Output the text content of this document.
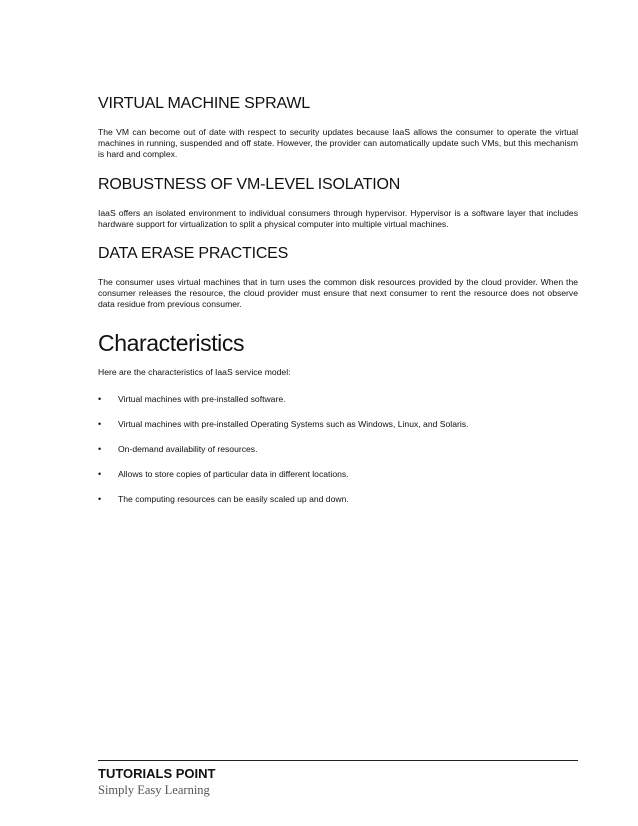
VIRTUAL MACHINE SPRAWL

The VM can become out of date with respect to security updates because IaaS allows the consumer to operate the virtual machines in running, suspended and off state. However, the provider can automatically update such VMs, but this mechanism is hard and complex.

ROBUSTNESS OF VM-LEVEL ISOLATION

IaaS offers an isolated environment to individual consumers through hypervisor. Hypervisor is a software layer that includes hardware support for virtualization to split a physical computer into multiple virtual machines.

DATA ERASE PRACTICES

The consumer uses virtual machines that in turn uses the common disk resources provided by the cloud provider. When the consumer releases the resource, the cloud provider must ensure that next consumer to rent the resource does not observe data residue from previous consumer.

Characteristics

Here are the characteristics of IaaS service model:

• Virtual machines with pre-installed software.
• Virtual machines with pre-installed Operating Systems such as Windows, Linux, and Solaris.
• On-demand availability of resources.
• Allows to store copies of particular data in different locations.
• The computing resources can be easily scaled up and down.
TUTORIALS POINT
Simply Easy Learning
